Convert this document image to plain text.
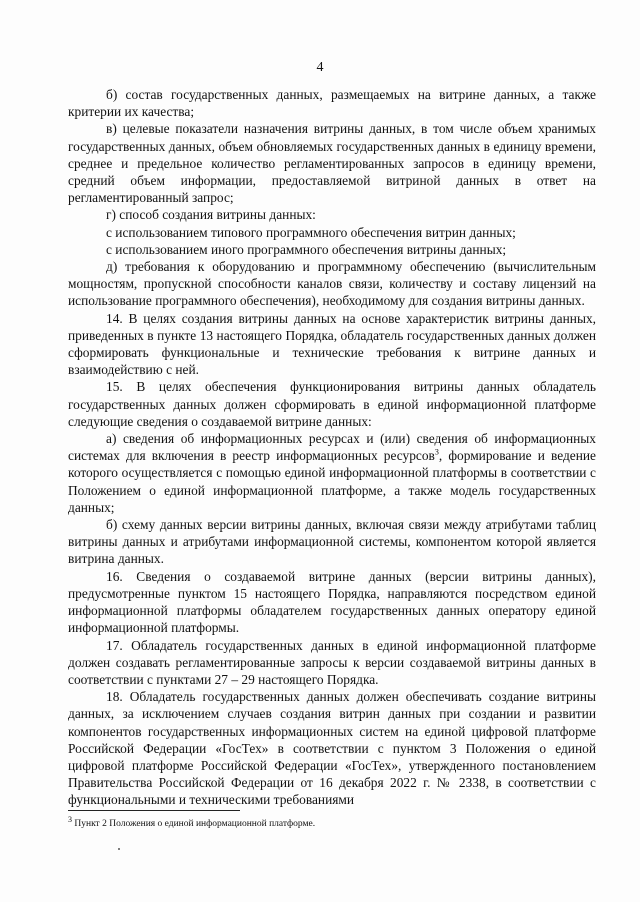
4

б) состав государственных данных, размещаемых на витрине данных, а также критерии их качества;

в) целевые показатели назначения витрины данных, в том числе объем хранимых государственных данных, объем обновляемых государственных данных в единицу времени, среднее и предельное количество регламентированных запросов в единицу времени, средний объем информации, предоставляемой витриной данных в ответ на регламентированный запрос;

г) способ создания витрины данных:

с использованием типового программного обеспечения витрин данных;

с использованием иного программного обеспечения витрины данных;

д) требования к оборудованию и программному обеспечению (вычислительным мощностям, пропускной способности каналов связи, количеству и составу лицензий на использование программного обеспечения), необходимому для создания витрины данных.

14. В целях создания витрины данных на основе характеристик витрины данных, приведенных в пункте 13 настоящего Порядка, обладатель государственных данных должен сформировать функциональные и технические требования к витрине данных и взаимодействию с ней.

15. В целях обеспечения функционирования витрины данных обладатель государственных данных должен сформировать в единой информационной платформе следующие сведения о создаваемой витрине данных:

а) сведения об информационных ресурсах и (или) сведения об информационных системах для включения в реестр информационных ресурсов$^3$, формирование и ведение которого осуществляется с помощью единой информационной платформы в соответствии с Положением о единой информационной платформе, а также модель государственных данных;

б) схему данных версии витрины данных, включая связи между атрибутами таблиц витрины данных и атрибутами информационной системы, компонентом которой является витрина данных.

16. Сведения о создаваемой витрине данных (версии витрины данных), предусмотренные пунктом 15 настоящего Порядка, направляются посредством единой информационной платформы обладателем государственных данных оператору единой информационной платформы.

17. Обладатель государственных данных в единой информационной платформе должен создавать регламентированные запросы к версии создаваемой витрины данных в соответствии с пунктами 27 – 29 настоящего Порядка.

18. Обладатель государственных данных должен обеспечивать создание витрины данных, за исключением случаев создания витрин данных при создании и развитии компонентов государственных информационных систем на единой цифровой платформе Российской Федерации «ГосТех» в соответствии с пунктом 3 Положения о единой цифровой платформе Российской Федерации «ГосТех», утвержденного постановлением Правительства Российской Федерации от 16 декабря 2022 г. № 2338, в соответствии с функциональными и техническими требованиями

$^3$ Пункт 2 Положения о единой информационной платформе.
